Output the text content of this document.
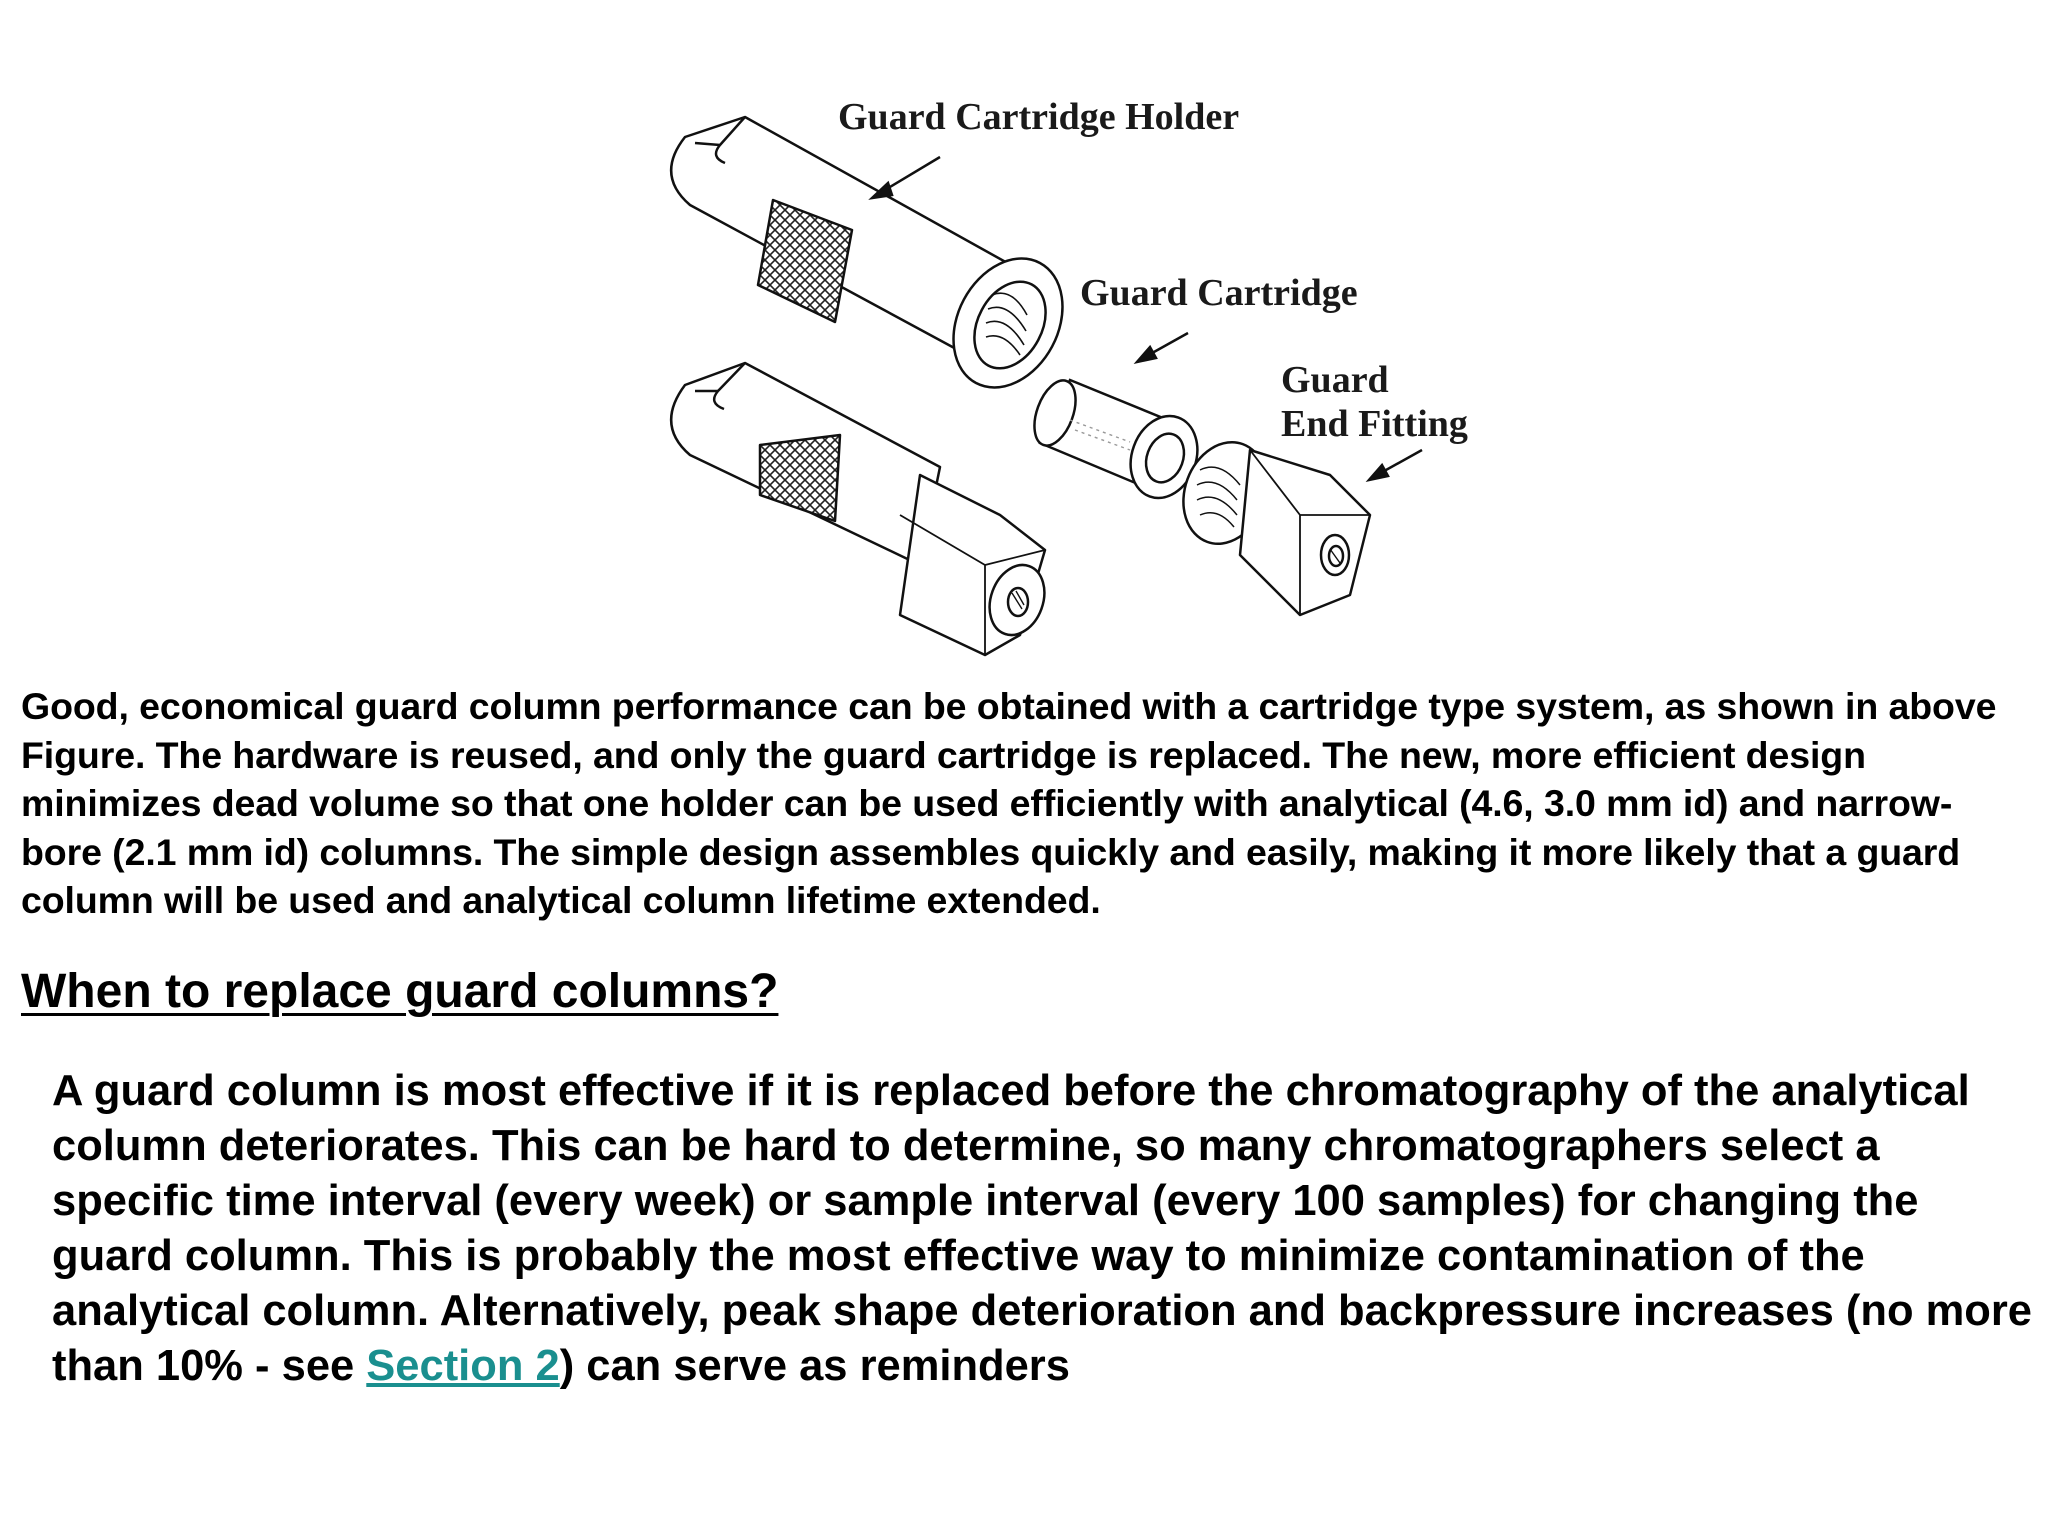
Guard Cartridge Holder
Guard Cartridge
Guard
End Fitting

Good, economical guard column performance can be obtained with a cartridge type system, as shown in above Figure. The hardware is reused, and only the guard cartridge is replaced. The new, more efficient design minimizes dead volume so that one holder can be used efficiently with analytical (4.6, 3.0 mm id) and narrow-bore (2.1 mm id) columns. The simple design assembles quickly and easily, making it more likely that a guard column will be used and analytical column lifetime extended.

When to replace guard columns?

A guard column is most effective if it is replaced before the chromatography of the analytical column deteriorates. This can be hard to determine, so many chromatographers select a specific time interval (every week) or sample interval (every 100 samples) for changing the guard column. This is probably the most effective way to minimize contamination of the analytical column. Alternatively, peak shape deterioration and backpressure increases (no more than 10% - see Section 2) can serve as reminders
